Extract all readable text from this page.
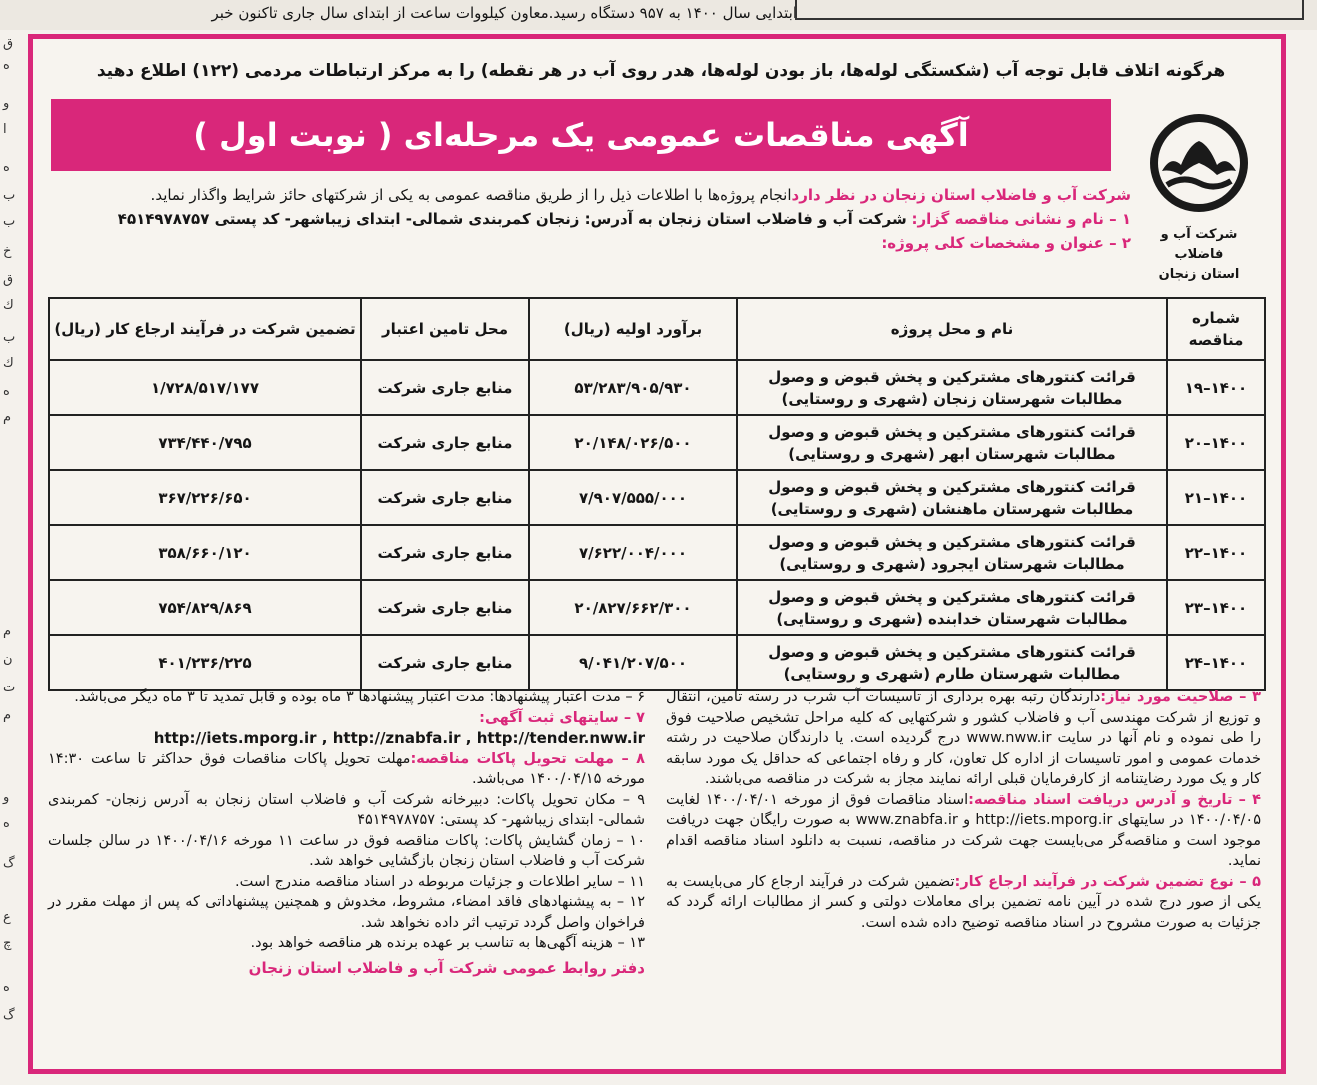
ابتدایی سال ۱۴۰۰ به ۹۵۷ دستگاه رسید.معاون کیلووات ساعت از ابتدای سال جاری تاکنون خبر
ق
ه
و
ا
ه
ب
ب
خ
ق
ك
ب
ك
ه
م
م
ن
ت
م
و
ه
گ
ع
چ
ه
گ
هرگونه اتلاف قابل توجه آب (شکستگی لوله‌ها، باز بودن لوله‌ها، هدر روی آب در هر نقطه) را به مرکز ارتباطات مردمی (۱۲۲) اطلاع دهید
آگهی مناقصات عمومی یک مرحله‌ای ( نوبت اول )
شرکت آب و فاضلاب
استان زنجان
شرکت آب و فاضلاب استان زنجان در نظر داردانجام پروژه‌ها با اطلاعات ذیل را از طریق مناقصه عمومی به یکی از شرکتهای حائز شرایط واگذار نماید.
۱ – نام و نشانی مناقصه گزار: شرکت آب و فاضلاب استان زنجان به آدرس: زنجان کمربندی شمالی- ابتدای زیباشهر- کد پستی ۴۵۱۴۹۷۸۷۵۷
۲ – عنوان و مشخصات کلی پروژه:
شماره مناقصه	نام و محل پروژه	برآورد اولیه (ریال)	محل تامین اعتبار	تضمین شرکت در فرآیند ارجاع کار (ریال)
۱۴۰۰–۱۹	قرائت کنتورهای مشترکین و پخش قبوض و وصول مطالبات شهرستان زنجان (شهری و روستایی)	۵۳/۲۸۳/۹۰۵/۹۳۰	منابع جاری شرکت	۱/۷۲۸/۵۱۷/۱۷۷
۱۴۰۰–۲۰	قرائت کنتورهای مشترکین و پخش قبوض و وصول مطالبات شهرستان ابهر (شهری و روستایی)	۲۰/۱۴۸/۰۲۶/۵۰۰	منابع جاری شرکت	۷۳۴/۴۴۰/۷۹۵
۱۴۰۰–۲۱	قرائت کنتورهای مشترکین و پخش قبوض و وصول مطالبات شهرستان ماهنشان (شهری و روستایی)	۷/۹۰۷/۵۵۵/۰۰۰	منابع جاری شرکت	۳۶۷/۲۲۶/۶۵۰
۱۴۰۰–۲۲	قرائت کنتورهای مشترکین و پخش قبوض و وصول مطالبات شهرستان ایجرود (شهری و روستایی)	۷/۶۲۲/۰۰۴/۰۰۰	منابع جاری شرکت	۳۵۸/۶۶۰/۱۲۰
۱۴۰۰–۲۳	قرائت کنتورهای مشترکین و پخش قبوض و وصول مطالبات شهرستان خدابنده (شهری و روستایی)	۲۰/۸۲۷/۶۶۲/۳۰۰	منابع جاری شرکت	۷۵۴/۸۲۹/۸۶۹
۱۴۰۰–۲۴	قرائت کنتورهای مشترکین و پخش قبوض و وصول مطالبات شهرستان طارم (شهری و روستایی)	۹/۰۴۱/۲۰۷/۵۰۰	منابع جاری شرکت	۴۰۱/۲۳۶/۲۲۵

۳ – صلاحیت مورد نیاز:دارندگان رتبه بهره برداری از تاسیسات آب شرب در رسته تامین، انتقال و توزیع از شرکت مهندسی آب و فاضلاب کشور و شرکتهایی که کلیه مراحل تشخیص صلاحیت فوق را طی نموده و نام آنها در سایت www.nww.ir درج گردیده است. یا دارندگان صلاحیت در رشته خدمات عمومی و امور تاسیسات از اداره کل تعاون، کار و رفاه اجتماعی که حداقل یک مورد سابقه کار و یک مورد رضایتنامه از کارفرمایان قبلی ارائه نمایند مجاز به شرکت در مناقصه می‌باشند.

۴ – تاریخ و آدرس دریافت اسناد مناقصه:اسناد مناقصات فوق از مورخه ۱۴۰۰/۰۴/۰۱ لغایت ۱۴۰۰/۰۴/۰۵ در سایتهای http://iets.mporg.ir و www.znabfa.ir به صورت رایگان جهت دریافت موجود است و مناقصه‌گر می‌بایست جهت شرکت در مناقصه، نسبت به دانلود اسناد مناقصه اقدام نماید.

۵ – نوع تضمین شرکت در فرآیند ارجاع کار:تضمین شرکت در فرآیند ارجاع کار می‌بایست به یکی از صور درج شده در آیین نامه تضمین برای معاملات دولتی و کسر از مطالبات ارائه گردد که جزئیات به صورت مشروح در اسناد مناقصه توضیح داده شده است.

۶ – مدت اعتبار پیشنهادها: مدت اعتبار پیشنهادها ۳ ماه بوده و قابل تمدید تا ۳ ماه دیگر می‌باشد.

۷ – سایتهای ثبت آگهی:

http://iets.mporg.ir , http://znabfa.ir , http://tender.nww.ir

۸ – مهلت تحویل پاکات مناقصه:مهلت تحویل پاکات مناقصات فوق حداکثر تا ساعت ۱۴:۳۰ مورخه ۱۴۰۰/۰۴/۱۵ می‌باشد.

۹ – مکان تحویل پاکات: دبیرخانه شرکت آب و فاضلاب استان زنجان به آدرس زنجان- کمربندی شمالی- ابتدای زیباشهر- کد پستی: ۴۵۱۴۹۷۸۷۵۷

۱۰ – زمان گشایش پاکات: پاکات مناقصه فوق در ساعت ۱۱ مورخه ۱۴۰۰/۰۴/۱۶ در سالن جلسات شرکت آب و فاضلاب استان زنجان بازگشایی خواهد شد.

۱۱ – سایر اطلاعات و جزئیات مربوطه در اسناد مناقصه مندرج است.

۱۲ – به پیشنهادهای فاقد امضاء، مشروط، مخدوش و همچنین پیشنهاداتی که پس از مهلت مقرر در فراخوان واصل گردد ترتیب اثر داده نخواهد شد.

۱۳ – هزینه آگهی‌ها به تناسب بر عهده برنده هر مناقصه خواهد بود.

دفتر روابط عمومی شرکت آب و فاضلاب استان زنجان
